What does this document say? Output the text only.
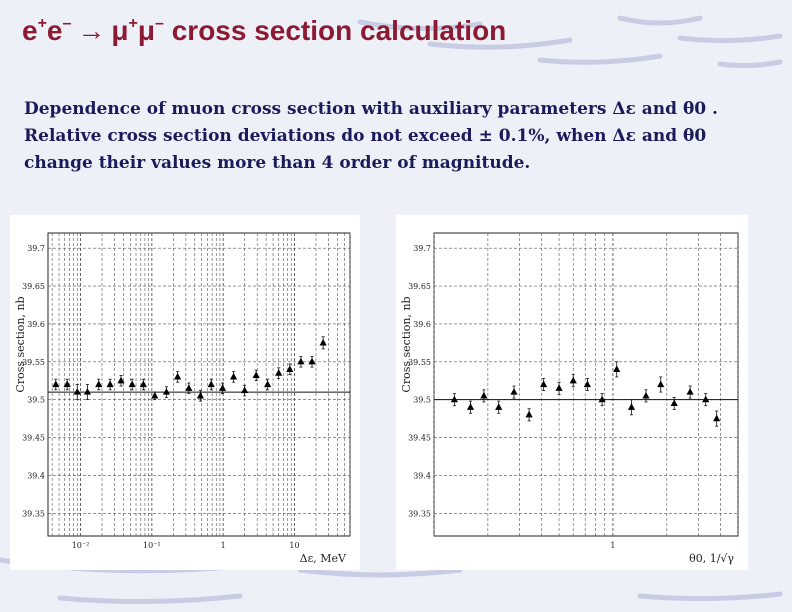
e+e– → μ+μ– cross section calculation

Dependence of muon cross section with auxiliary parameters Δε and θ0 .

Relative cross section deviations do not exceed ± 0.1%, when Δε and θ0

change their values more than 4 order of magnitude.

39.7
39.65
39.6
39.55
39.5
39.45
39.4
39.35
10⁻²	10⁻¹	1	10
Cross section, nb
Δε, MeV
39.7
39.65
39.6
39.55
39.5
39.45
39.4
39.35
1
Cross section, nb
θ0, 1/√γ
